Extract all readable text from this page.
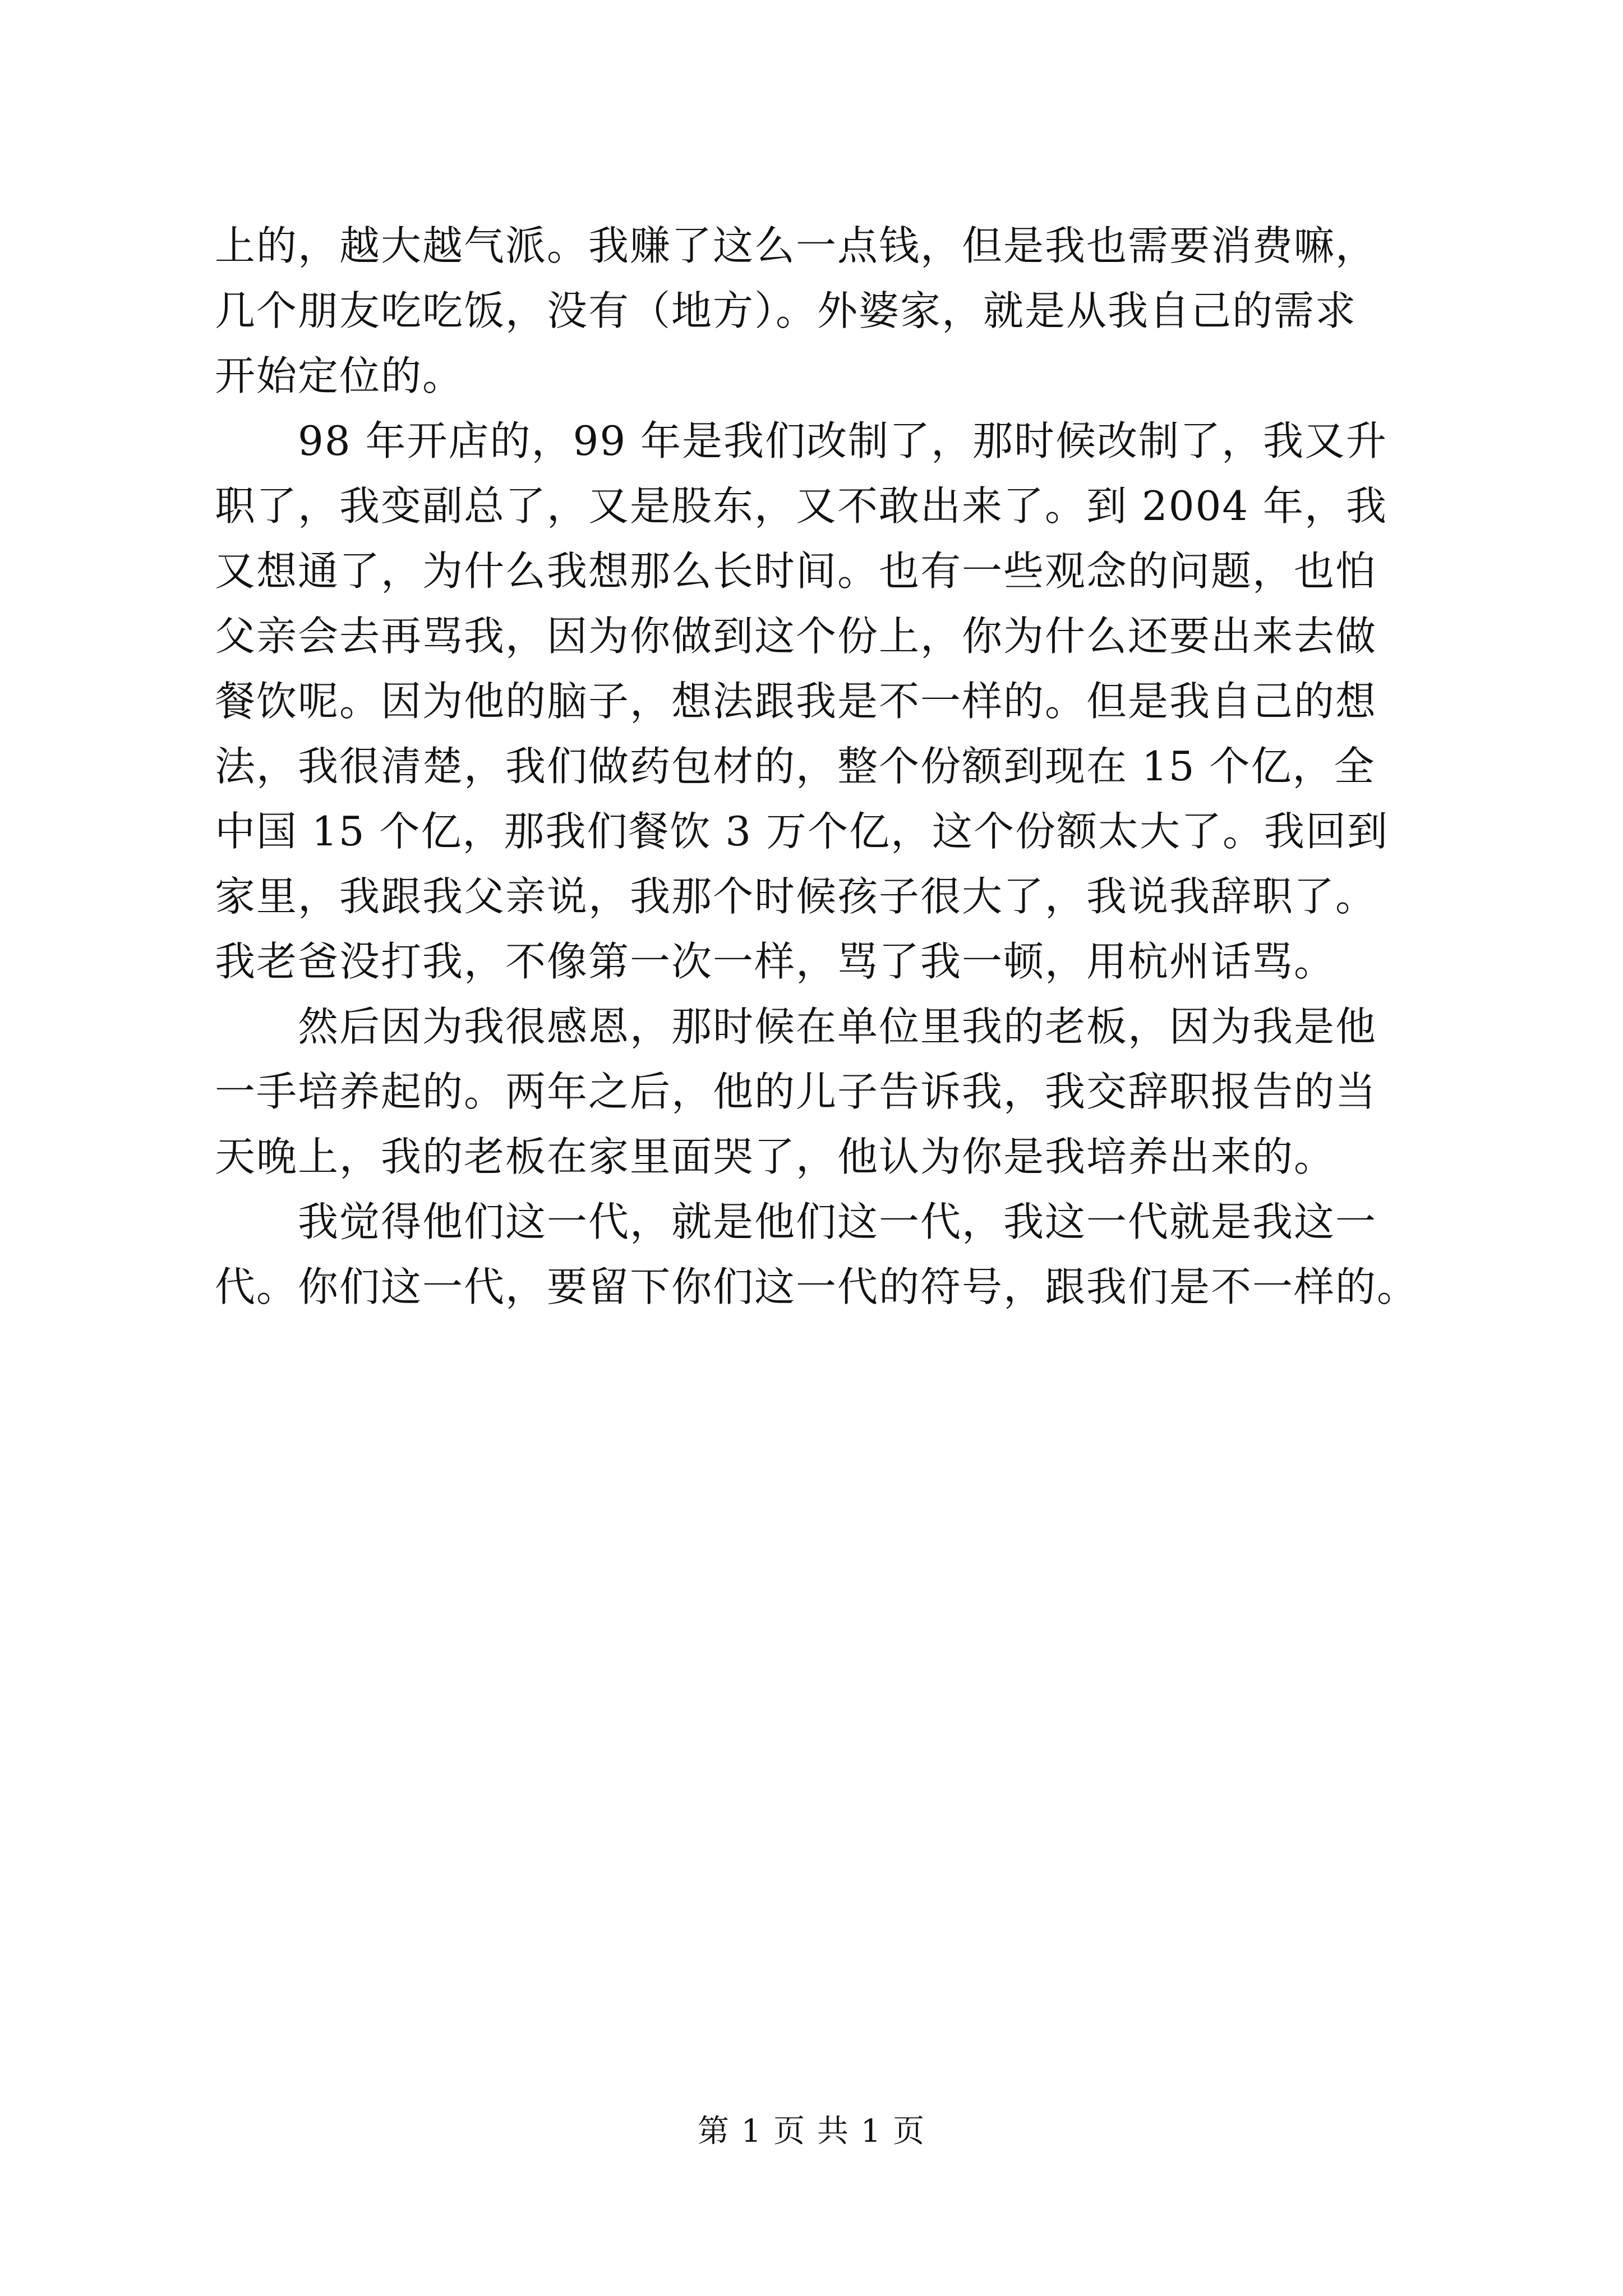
上的，越大越气派。我赚了这么一点钱，但是我也需要消费嘛，
几个朋友吃吃饭，没有（地方）。外婆家，就是从我自己的需求
开始定位的。

　　98 年开店的，99 年是我们改制了，那时候改制了，我又升
职了，我变副总了，又是股东，又不敢出来了。到 2004 年，我
又想通了，为什么我想那么长时间。也有一些观念的问题，也怕
父亲会去再骂我，因为你做到这个份上，你为什么还要出来去做
餐饮呢。因为他的脑子，想法跟我是不一样的。但是我自己的想
法，我很清楚，我们做药包材的，整个份额到现在 15 个亿，全
中国 15 个亿，那我们餐饮 3 万个亿，这个份额太大了。我回到
家里，我跟我父亲说，我那个时候孩子很大了，我说我辞职了。
我老爸没打我，不像第一次一样，骂了我一顿，用杭州话骂。

　　然后因为我很感恩，那时候在单位里我的老板，因为我是他
一手培养起的。两年之后，他的儿子告诉我，我交辞职报告的当
天晚上，我的老板在家里面哭了，他认为你是我培养出来的。

　　我觉得他们这一代，就是他们这一代，我这一代就是我这一
代。你们这一代，要留下你们这一代的符号，跟我们是不一样的。

第 1 页 共 1 页
